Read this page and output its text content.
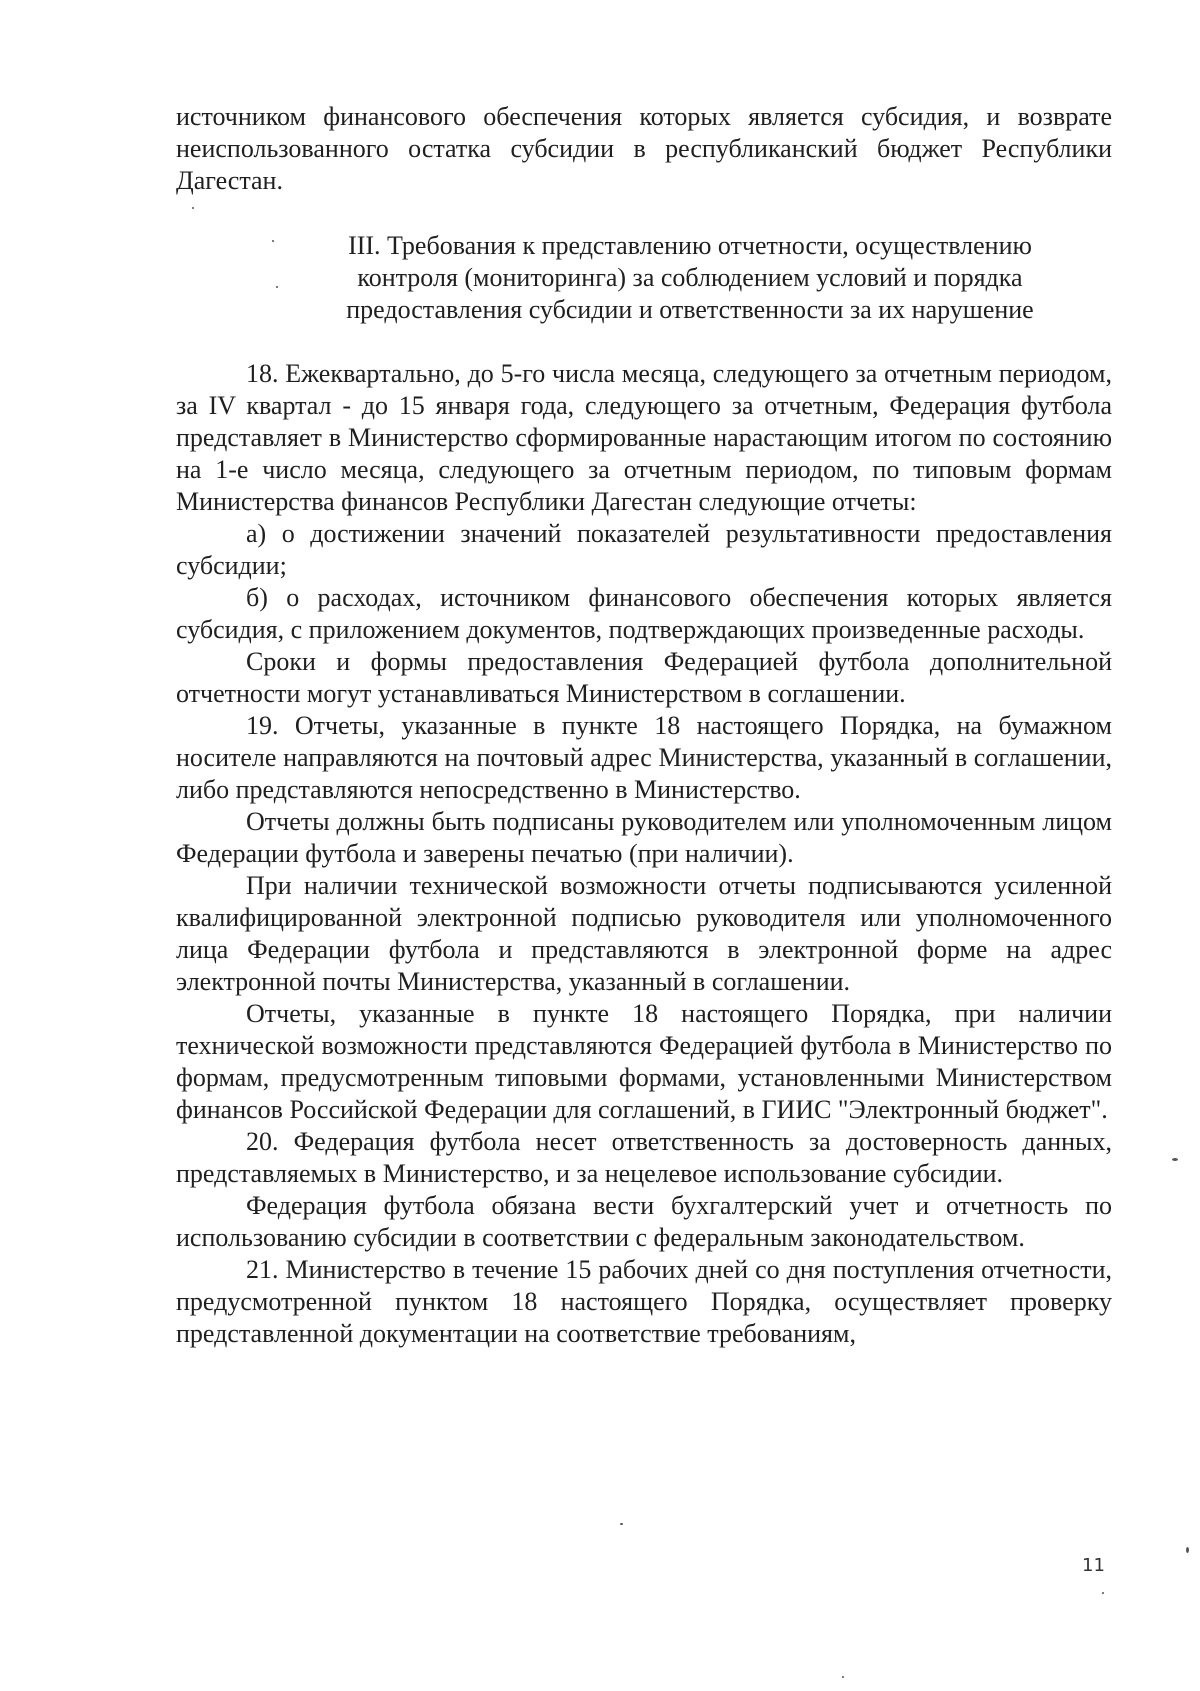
источником финансового обеспечения которых является субсидия, и возврате неиспользованного остатка субсидии в республиканский бюджет Республики Дагестан.

III. Требования к представлению отчетности, осуществлению
контроля (мониторинга) за соблюдением условий и порядка
предоставления субсидии и ответственности за их нарушение

18. Ежеквартально, до 5-го числа месяца, следующего за отчетным периодом, за IV квартал - до 15 января года, следующего за отчетным, Федерация футбола представляет в Министерство сформированные нарастающим итогом по состоянию на 1-е число месяца, следующего за отчетным периодом, по типовым формам Министерства финансов Республики Дагестан следующие отчеты:

а) о достижении значений показателей результативности предоставления субсидии;

б) о расходах, источником финансового обеспечения которых является субсидия, с приложением документов, подтверждающих произведенные расходы.

Сроки и формы предоставления Федерацией футбола дополнительной отчетности могут устанавливаться Министерством в соглашении.

19. Отчеты, указанные в пункте 18 настоящего Порядка, на бумажном носителе направляются на почтовый адрес Министерства, указанный в соглашении, либо представляются непосредственно в Министерство.

Отчеты должны быть подписаны руководителем или уполномоченным лицом Федерации футбола и заверены печатью (при наличии).

При наличии технической возможности отчеты подписываются усиленной квалифицированной электронной подписью руководителя или уполномоченного лица Федерации футбола и представляются в электронной форме на адрес электронной почты Министерства, указанный в соглашении.

Отчеты, указанные в пункте 18 настоящего Порядка, при наличии технической возможности представляются Федерацией футбола в Министерство по формам, предусмотренным типовыми формами, установленными Министерством финансов Российской Федерации для соглашений, в ГИИС "Электронный бюджет".

20. Федерация футбола несет ответственность за достоверность данных, представляемых в Министерство, и за нецелевое использование субсидии.

Федерация футбола обязана вести бухгалтерский учет и отчетность по использованию субсидии в соответствии с федеральным законодательством.

21. Министерство в течение 15 рабочих дней со дня поступления отчетности, предусмотренной пунктом 18 настоящего Порядка, осуществляет проверку представленной документации на соответствие требованиям,

11
